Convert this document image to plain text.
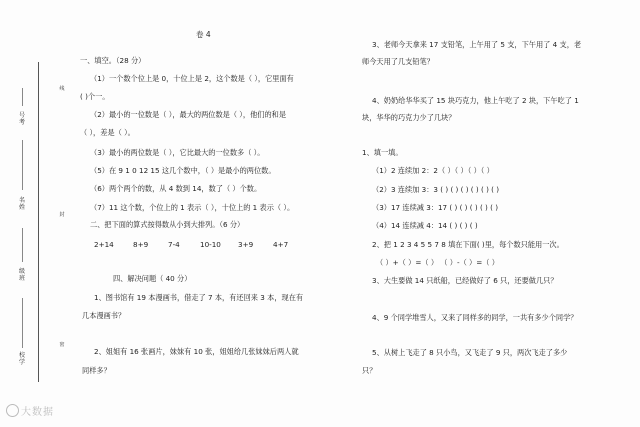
号考
名姓
级班
校学
线
封
密
卷 4
一、填空。（28 分）
（1）一个数个位上是 0，十位上是 2，这个数是（ ），它里面有
( )个一。
（2）最小的一位数是（ ），最大的两位数是（ ），他们的和是
（ ），差是（ ）。
（3）最小的两位数是（ ），它比最大的一位数多（ ）。
（5）在 9 1 0 12 15 这几个数中，（ ）是最小的两位数。
（6）两个两个的数，从 4 数到 14，数了（ ）个数。
（7）11 这个数，个位上的 1 表示（ ），十位上的 1 表示（ ）。
二、把下面的算式按得数从小到大排列。（6 分）
2+14	8+9	7-4	10-10 3+9	4+7
四、解决问题（ 40 分）
1、图书馆有 19 本漫画书，借走了 7 本，有还回来 3 本，现在有
几本漫画书？
2、姐姐有 16 张画片，妹妹有 10 张，姐姐给几张妹妹后两人就
同样多？
3、老师今天拿来 17 支铅笔，上午用了 5 支，下午用了 4 支，老
师今天用了几支铅笔？
4、奶奶给华华买了 15 块巧克力，他上午吃了 2 块，下午吃了 1
块，华华的巧克力少了几块？
1、填一填。
（1）2 连续加 2：2（ ）（ ）（ ）（ ）
（2）3 连续加 3：3 ( ) ( ) ( ) ( ) ( ) ( )
（3）17 连续减 3：17 ( ) ( ) ( ) ( ) ( )
（4）14 连续减 4：14 ( ) ( ) ( )
2、把 1 2 3 4 5 5 7 8 填在下面( )里，每个数只能用一次。
（ ）+（ ）=（ ） （ ）-（ ）=（ ）
3、大生要做 14 只纸船，已经做好了 6 只，还要做几只？
4、9 个同学堆雪人，又来了同样多的同学，一共有多少个同学？
5、从树上飞走了 8 只小鸟，又飞走了 9 只，两次飞走了多少
只？
大数据
